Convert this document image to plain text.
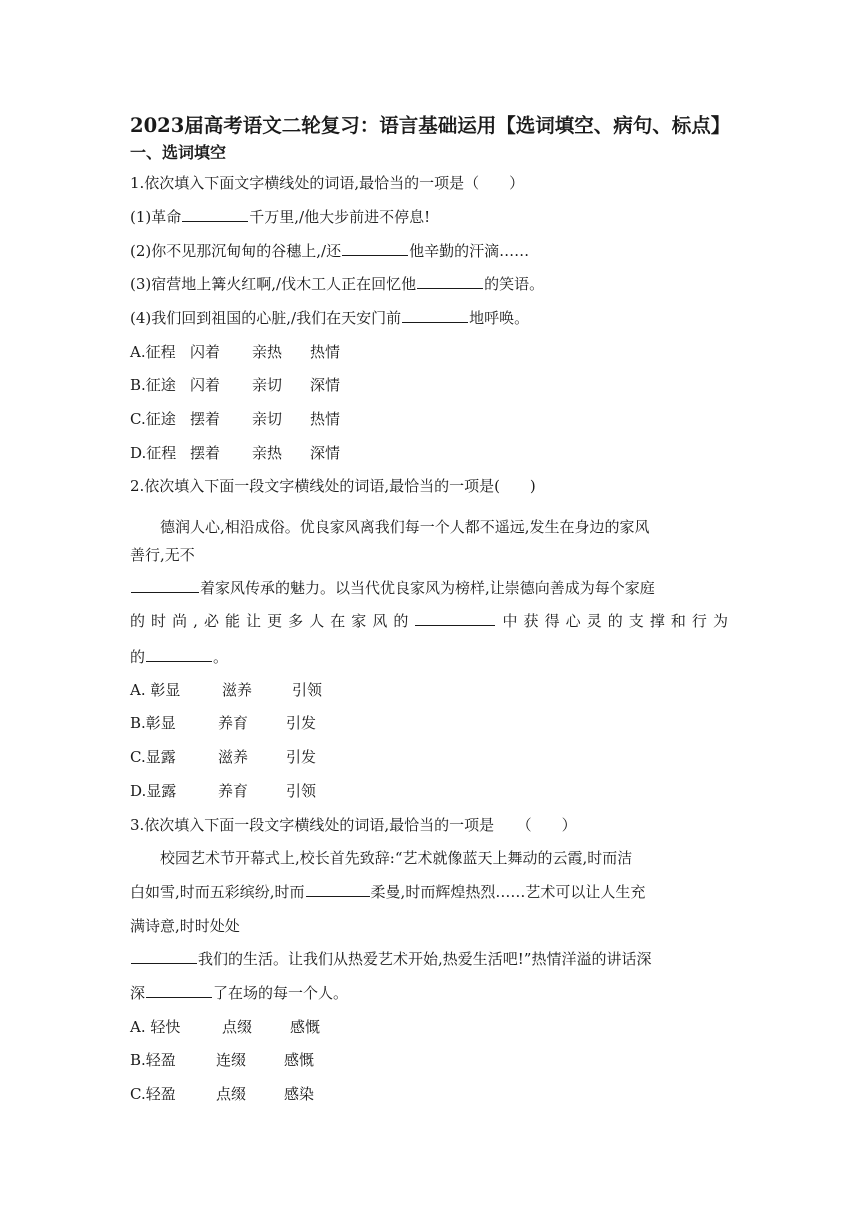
2023届高考语文二轮复习：语言基础运用【选词填空、病句、标点】
一、选词填空
1.依次填入下面文字横线处的词语,最恰当的一项是（　　）
(1)革命	千万里,/他大步前进不停息!
(2)你不见那沉甸甸的谷穗上,/还	他辛勤的汗滴……
(3)宿营地上篝火红啊,/伐木工人正在回忆他	的笑语。
(4)我们回到祖国的心脏,/我们在天安门前	地呼唤。
A.征程 闪着 亲热 热情
B.征途 闪着 亲切 深情
C.征途 摆着 亲切 热情
D.征程 摆着 亲热 深情
2.依次填入下面一段文字横线处的词语,最恰当的一项是(　　)
德润人心,相沿成俗。优良家风离我们每一个人都不遥远,发生在身边的家风
善行,无不
着家风传承的魅力。以当代优良家风为榜样,让崇德向善成为每个家庭
的时尚,必能让更多人在家风的	中获得心灵的支撑和行为
的	。
A. 彰显	滋养	引领
B.彰显	养育	引发
C.显露	滋养	引发
D.显露	养育	引领
3.依次填入下面一段文字横线处的词语,最恰当的一项是　　（　　）
校园艺术节开幕式上,校长首先致辞:“艺术就像蓝天上舞动的云霞,时而洁
白如雪,时而五彩缤纷,时而	柔曼,时而辉煌热烈……艺术可以让人生充
满诗意,时时处处
我们的生活。让我们从热爱艺术开始,热爱生活吧!”热情洋溢的讲话深
深	了在场的每一个人。
A. 轻快	点缀	感慨
B.轻盈	连缀	感慨
C.轻盈	点缀	感染
